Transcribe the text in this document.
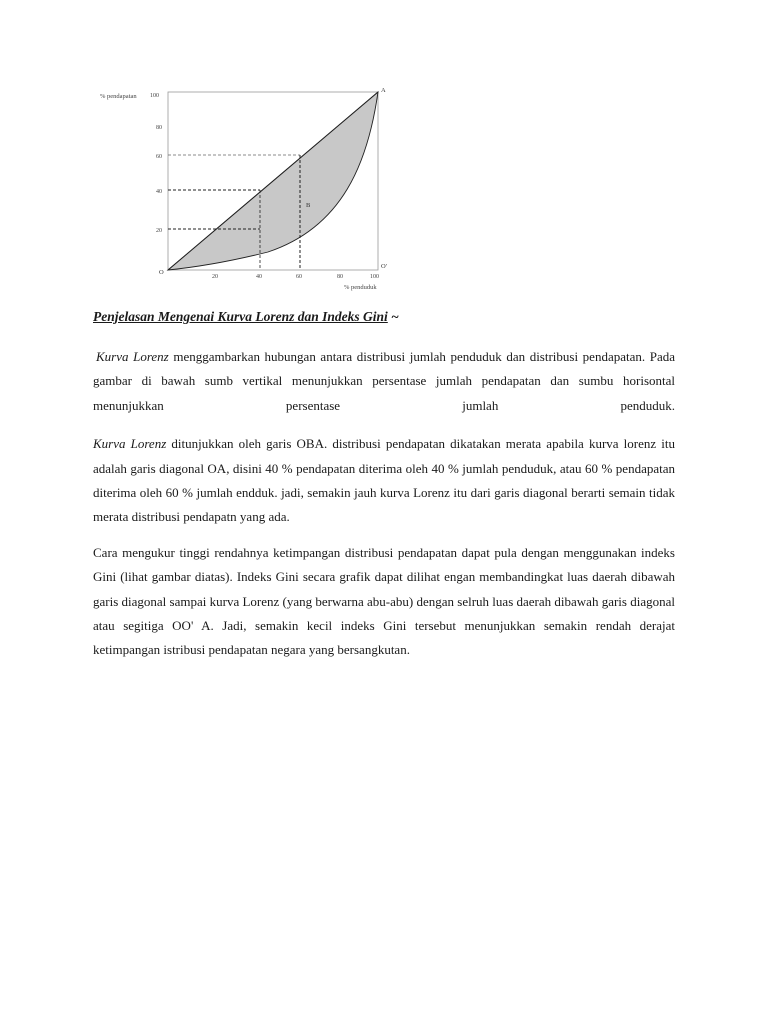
% pendapatan
% penduduk
100
80
60
40
20
20	40	60	80	100
O
A
B
O'

Penjelasan Mengenai Kurva Lorenz dan Indeks Gini ~

Kurva Lorenz menggambarkan hubungan antara distribusi jumlah penduduk dan distribusi pendapatan. Pada gambar di bawah sumb vertikal menunjukkan persentase jumlah pendapatan dan sumbu horisontal menunjukkan persentase jumlah penduduk.

Kurva Lorenz ditunjukkan oleh garis OBA. distribusi pendapatan dikatakan merata apabila kurva lorenz itu adalah garis diagonal OA, disini 40 % pendapatan diterima oleh 40 % jumlah penduduk, atau 60 % pendapatan diterima oleh 60 % jumlah endduk. jadi, semakin jauh kurva Lorenz itu dari garis diagonal berarti semain tidak merata distribusi pendapatn yang ada.

Cara mengukur tinggi rendahnya ketimpangan distribusi pendapatan dapat pula dengan menggunakan indeks Gini (lihat gambar diatas). Indeks Gini secara grafik dapat dilihat engan membandingkat luas daerah dibawah garis diagonal sampai kurva Lorenz (yang berwarna abu-abu) dengan selruh luas daerah dibawah garis diagonal atau segitiga OO' A. Jadi, semakin kecil indeks Gini tersebut menunjukkan semakin rendah derajat ketimpangan istribusi pendapatan negara yang bersangkutan.
